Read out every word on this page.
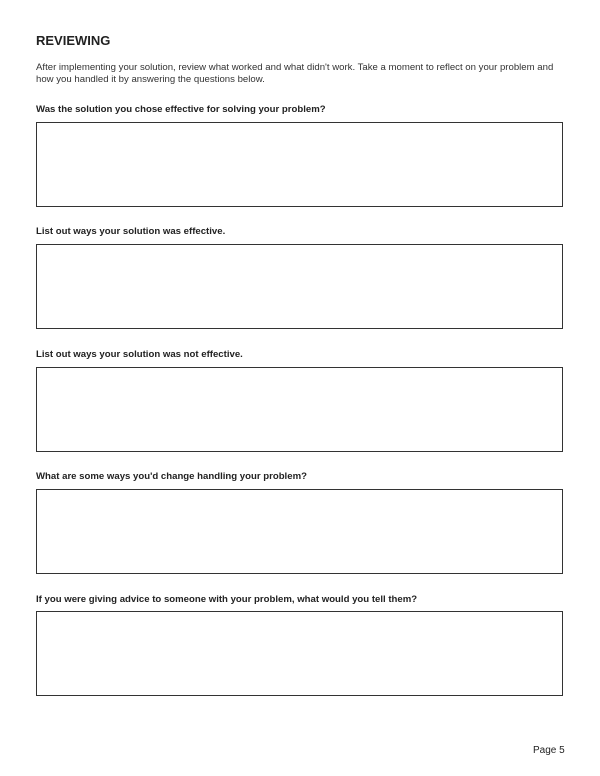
REVIEWING
After implementing your solution, review what worked and what didn't work. Take a moment to reflect on your problem and how you handled it by answering the questions below.
Was the solution you chose effective for solving your problem?
List out ways your solution was effective.
List out ways your solution was not effective.
What are some ways you'd change handling your problem?
If you were giving advice to someone with your problem, what would you tell them?
Page 5
